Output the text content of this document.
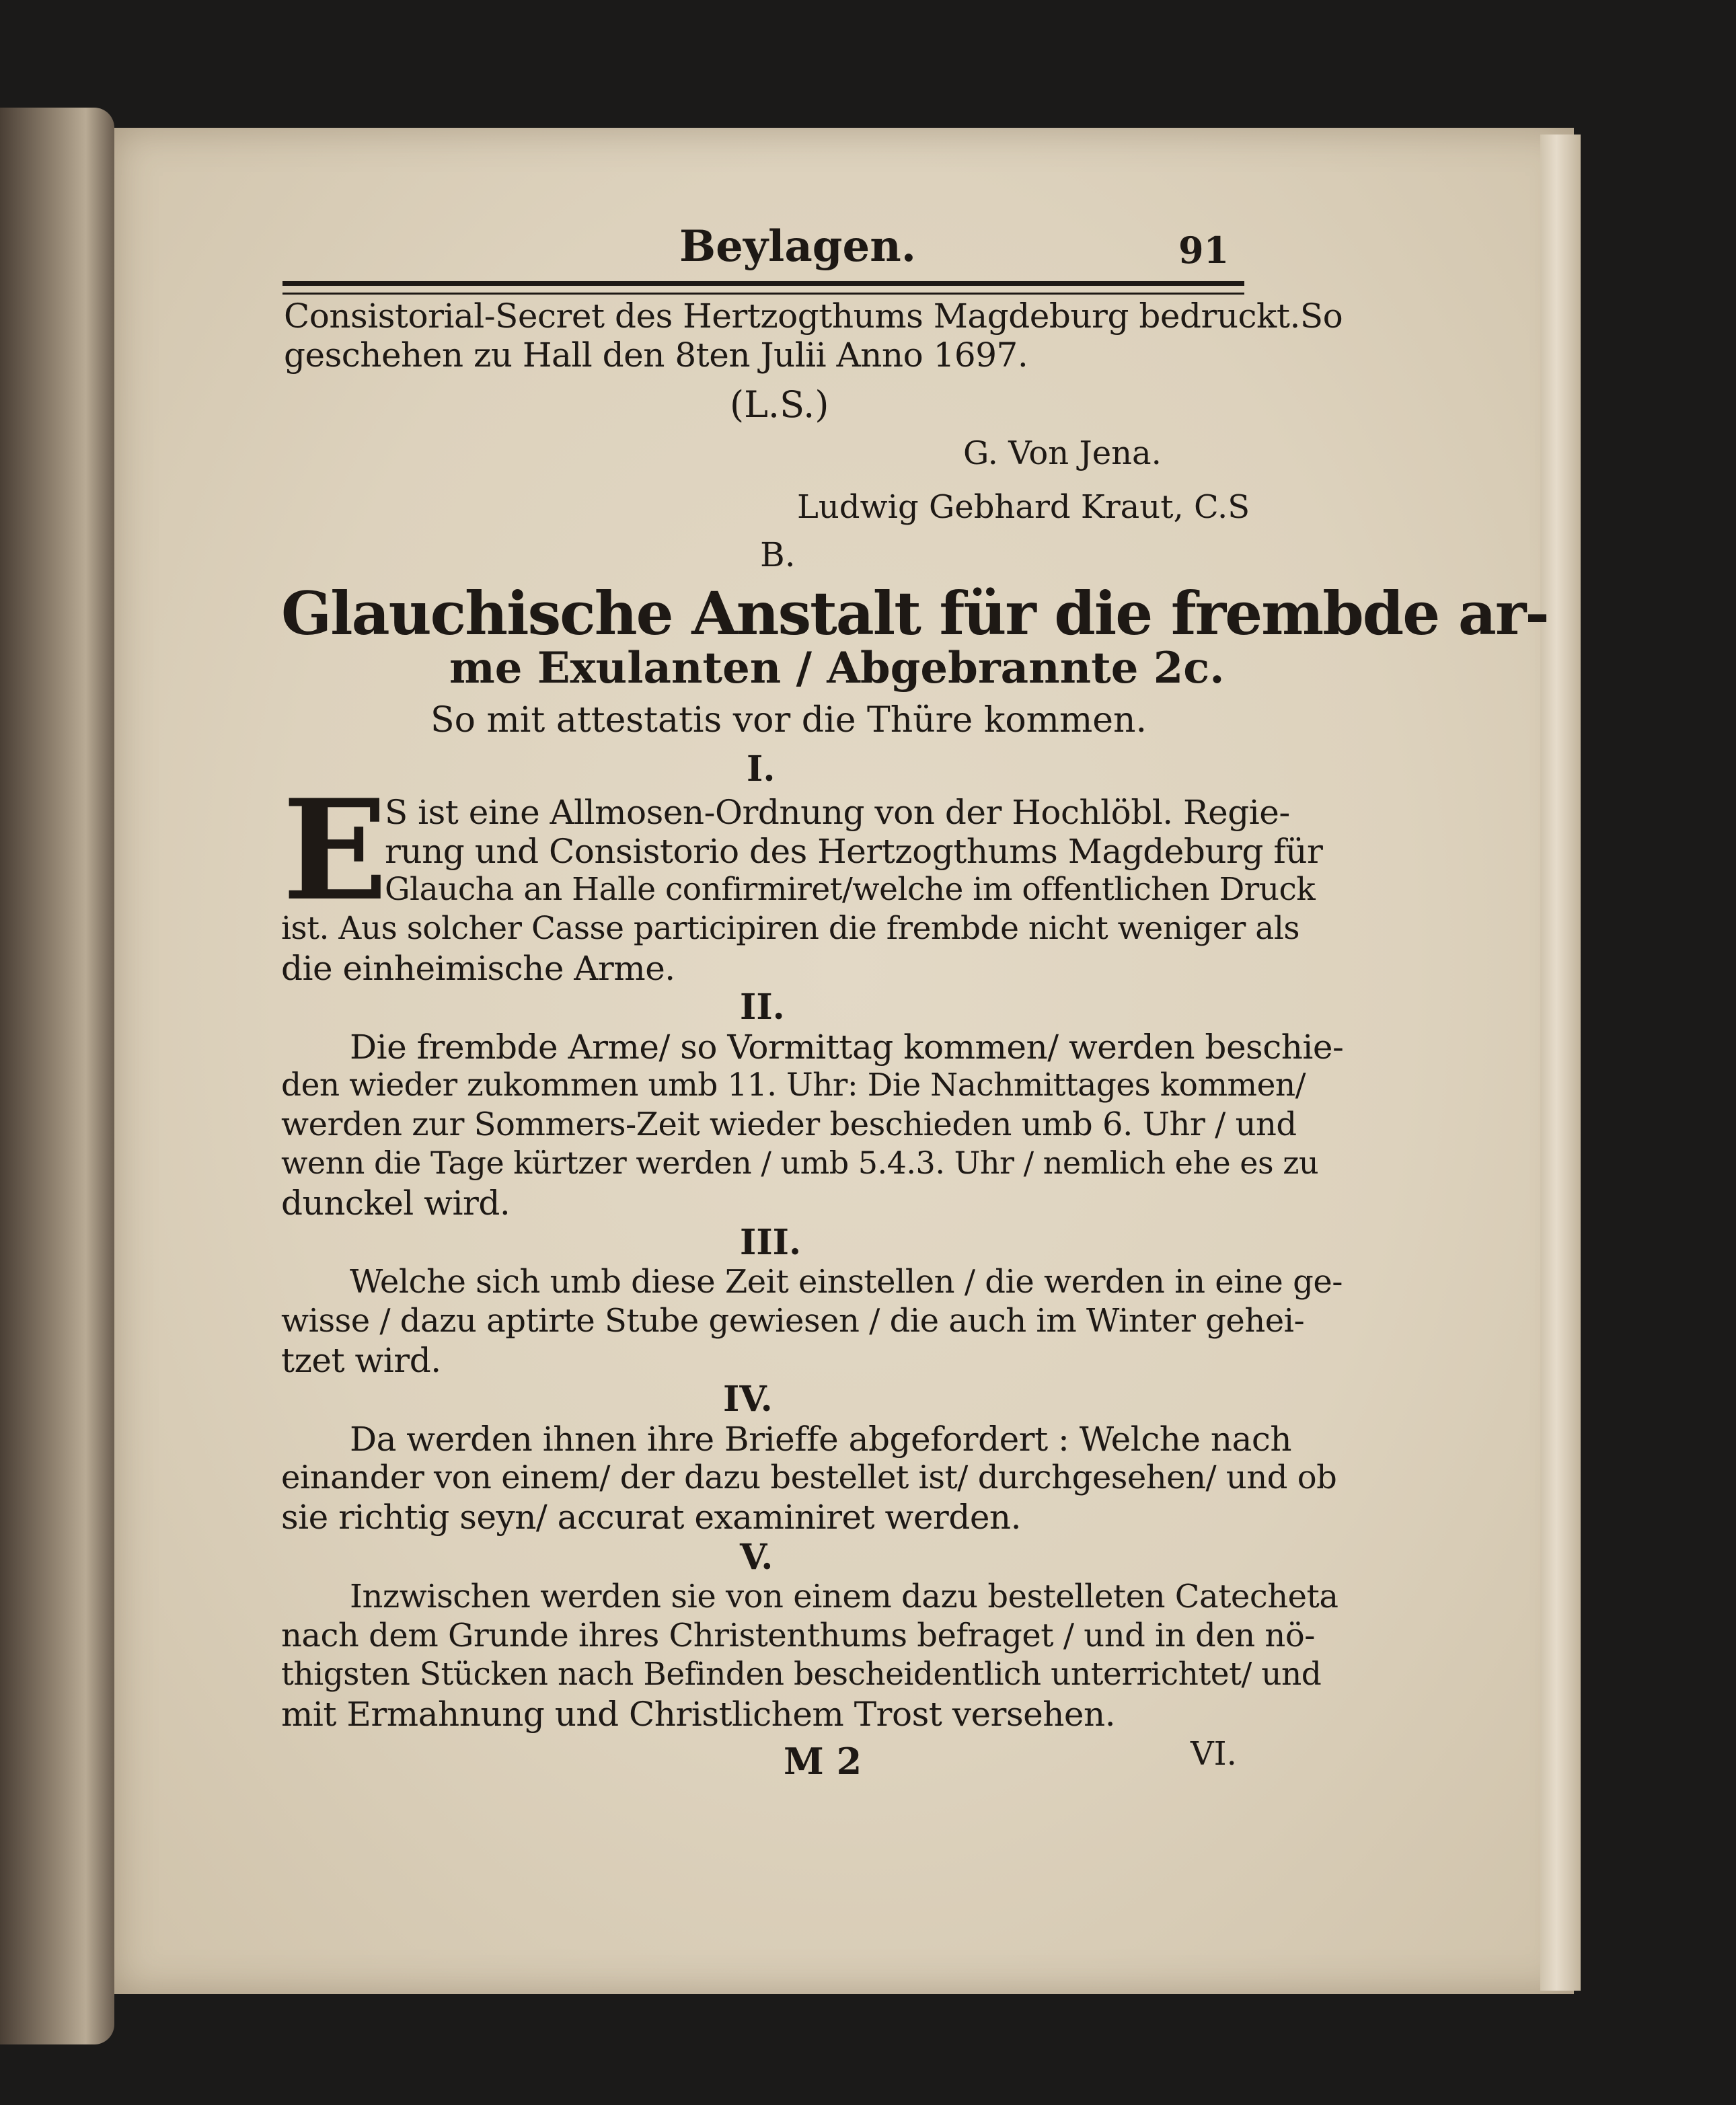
Beylagen.	91
Consistorial-Secret des Hertzogthums Magdeburg bedruckt.So
geschehen zu Hall den 8ten Julii Anno 1697.
(L.S.)
G. Von Jena.
Ludwig Gebhard Kraut, C.S
B.
Glauchische Anstalt für die frembde ar-
me Exulanten / Abgebrannte 2c.
So mit attestatis vor die Thüre kommen.
I.
E
S ist eine Allmosen-Ordnung von der Hochlöbl. Regie-
rung und Consistorio des Hertzogthums Magdeburg für
Glaucha an Halle confirmiret/welche im offentlichen Druck
ist. Aus solcher Casse participiren die frembde nicht weniger als
die einheimische Arme.
II.
Die frembde Arme/ so Vormittag kommen/ werden beschie-
den wieder zukommen umb 11. Uhr: Die Nachmittages kommen/
werden zur Sommers-Zeit wieder beschieden umb 6. Uhr / und
wenn die Tage kürtzer werden / umb 5.4.3. Uhr / nemlich ehe es zu
dunckel wird.
III.
Welche sich umb diese Zeit einstellen / die werden in eine ge-
wisse / dazu aptirte Stube gewiesen / die auch im Winter gehei-
tzet wird.
IV.
Da werden ihnen ihre Brieffe abgefordert : Welche nach
einander von einem/ der dazu bestellet ist/ durchgesehen/ und ob
sie richtig seyn/ accurat examiniret werden.
V.
Inzwischen werden sie von einem dazu bestelleten Catecheta
nach dem Grunde ihres Christenthums befraget / und in den nö-
thigsten Stücken nach Befinden bescheidentlich unterrichtet/ und
mit Ermahnung und Christlichem Trost versehen.
M 2	VI.
